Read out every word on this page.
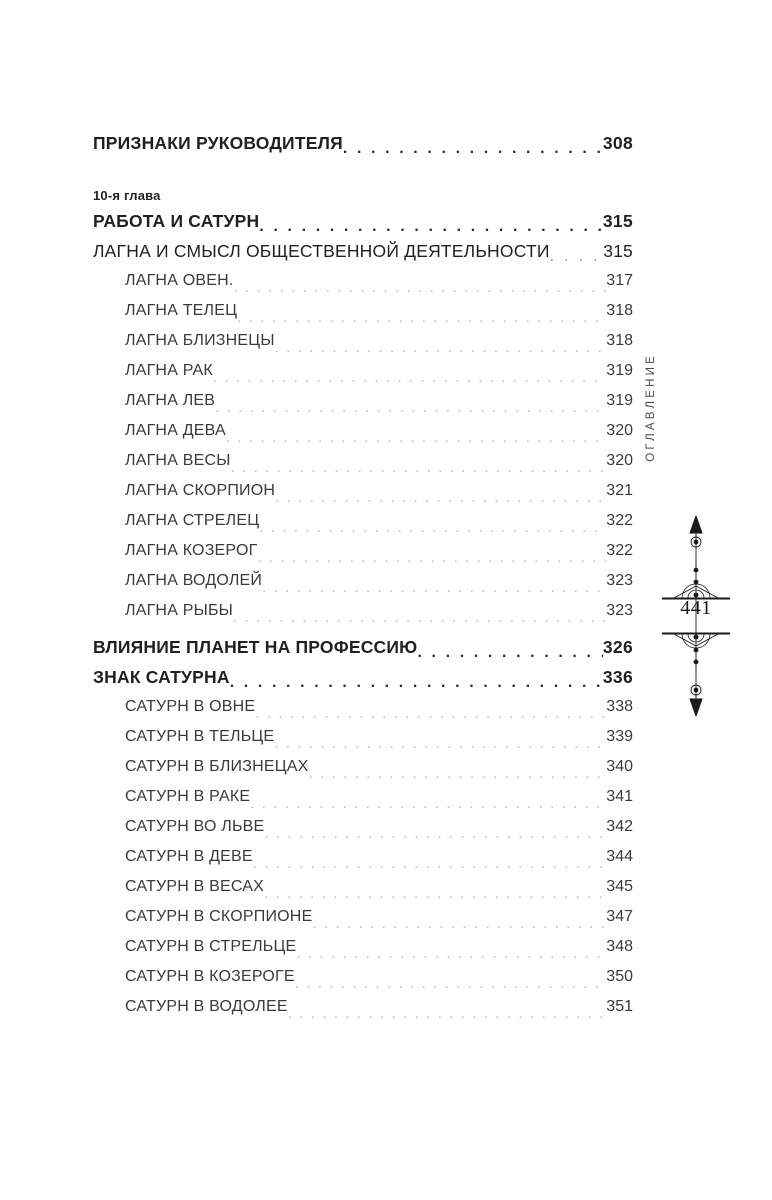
ПРИЗНАКИ РУКОВОДИТЕЛЯ . . .	308
10-я глава
РАБОТА И САТУРН . . .	315
ЛАГНА И СМЫСЛ ОБЩЕСТВЕННОЙ ДЕЯТЕЛЬНОСТИ . . .	315
ЛАГНА ОВЕН. . . .	317
ЛАГНА ТЕЛЕЦ . . .	318
ЛАГНА БЛИЗНЕЦЫ . . .	318
ЛАГНА РАК . . .	319
ЛАГНА ЛЕВ . . .	319
ЛАГНА ДЕВА . . .	320
ЛАГНА ВЕСЫ . . .	320
ЛАГНА СКОРПИОН . . .	321
ЛАГНА СТРЕЛЕЦ . . .	322
ЛАГНА КОЗЕРОГ . . .	322
ЛАГНА ВОДОЛЕЙ . . .	323
ЛАГНА РЫБЫ . . .	323
ВЛИЯНИЕ ПЛАНЕТ НА ПРОФЕССИЮ . . .	326
ЗНАК САТУРНА . . .	336
САТУРН В ОВНЕ . . .	338
САТУРН В ТЕЛЬЦЕ . . .	339
САТУРН В БЛИЗНЕЦАХ . . .	340
САТУРН В РАКЕ . . .	341
САТУРН ВО ЛЬВЕ . . .	342
САТУРН В ДЕВЕ . . .	344
САТУРН В ВЕСАХ . . .	345
САТУРН В СКОРПИОНЕ . . .	347
САТУРН В СТРЕЛЬЦЕ . . .	348
САТУРН В КОЗЕРОГЕ . . .	350
САТУРН В ВОДОЛЕЕ . . .	351
ОГЛАВЛЕНИЕ
441
